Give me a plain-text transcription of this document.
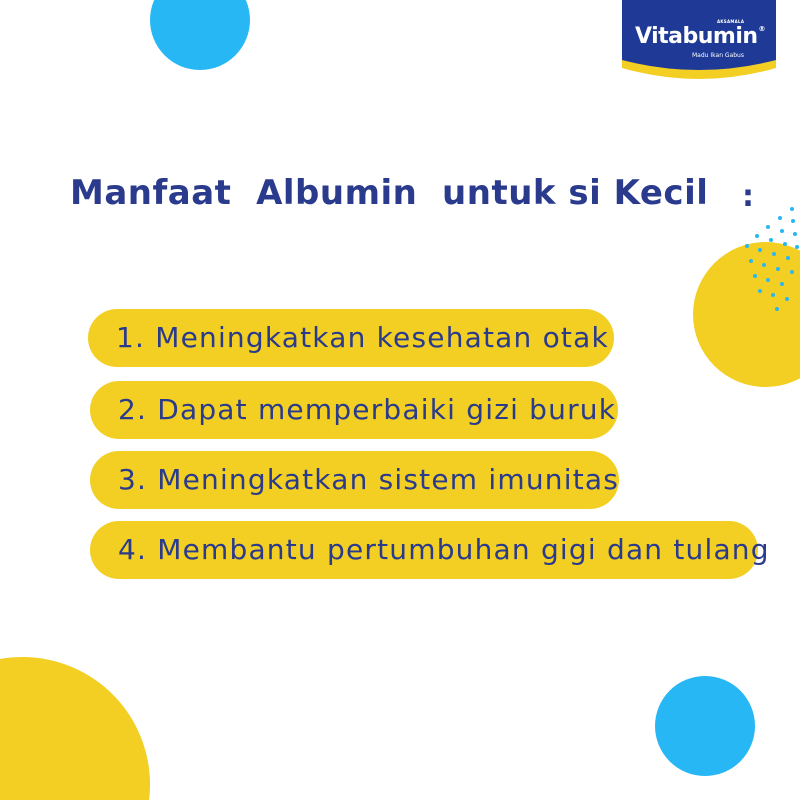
AKSAMALA
Vitabumin®
Madu Ikan Gabus
Manfaat  Albumin  untuk si Kecil :
1. Meningkatkan kesehatan otak
2. Dapat memperbaiki gizi buruk
3. Meningkatkan sistem imunitas
4. Membantu pertumbuhan gigi dan tulang
